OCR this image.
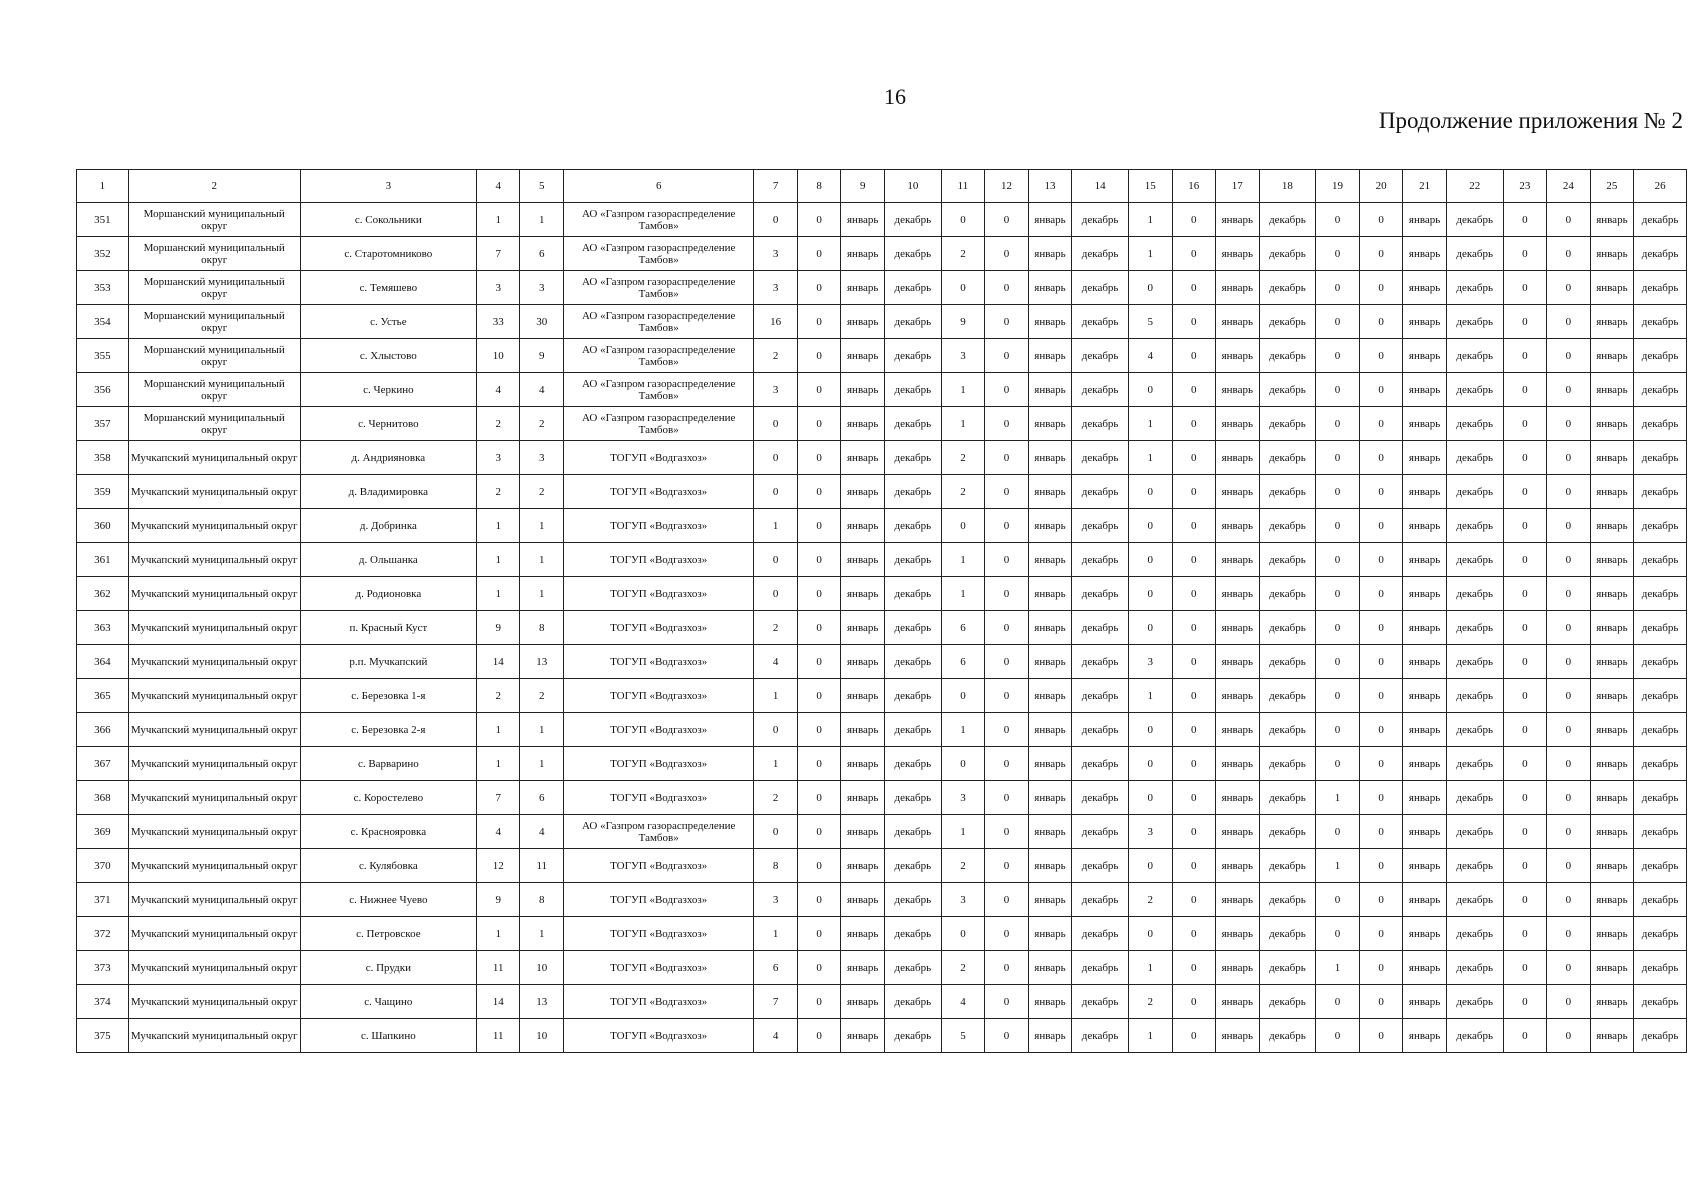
16
Продолжение приложения № 2
1	2	3	4	5	6	7	8	9	10	11	12	13	14	15	16	17	18	19	20	21	22	23	24	25	26
351	Моршанский муниципальный округ	с. Сокольники	1	1	АО «Газпром газораспределение Тамбов»	0	0	январь	декабрь	0	0	январь	декабрь	1	0	январь	декабрь	0	0	январь	декабрь	0	0	январь	декабрь
352	Моршанский муниципальный округ	с. Старотомниково	7	6	АО «Газпром газораспределение Тамбов»	3	0	январь	декабрь	2	0	январь	декабрь	1	0	январь	декабрь	0	0	январь	декабрь	0	0	январь	декабрь
353	Моршанский муниципальный округ	с. Темяшево	3	3	АО «Газпром газораспределение Тамбов»	3	0	январь	декабрь	0	0	январь	декабрь	0	0	январь	декабрь	0	0	январь	декабрь	0	0	январь	декабрь
354	Моршанский муниципальный округ	с. Устье	33	30	АО «Газпром газораспределение Тамбов»	16	0	январь	декабрь	9	0	январь	декабрь	5	0	январь	декабрь	0	0	январь	декабрь	0	0	январь	декабрь
355	Моршанский муниципальный округ	с. Хлыстово	10	9	АО «Газпром газораспределение Тамбов»	2	0	январь	декабрь	3	0	январь	декабрь	4	0	январь	декабрь	0	0	январь	декабрь	0	0	январь	декабрь
356	Моршанский муниципальный округ	с. Черкино	4	4	АО «Газпром газораспределение Тамбов»	3	0	январь	декабрь	1	0	январь	декабрь	0	0	январь	декабрь	0	0	январь	декабрь	0	0	январь	декабрь
357	Моршанский муниципальный округ	с. Чернитово	2	2	АО «Газпром газораспределение Тамбов»	0	0	январь	декабрь	1	0	январь	декабрь	1	0	январь	декабрь	0	0	январь	декабрь	0	0	январь	декабрь
358	Мучкапский муниципальный округ	д. Андрияновка	3	3	ТОГУП «Водгазхоз»	0	0	январь	декабрь	2	0	январь	декабрь	1	0	январь	декабрь	0	0	январь	декабрь	0	0	январь	декабрь
359	Мучкапский муниципальный округ	д. Владимировка	2	2	ТОГУП «Водгазхоз»	0	0	январь	декабрь	2	0	январь	декабрь	0	0	январь	декабрь	0	0	январь	декабрь	0	0	январь	декабрь
360	Мучкапский муниципальный округ	д. Добринка	1	1	ТОГУП «Водгазхоз»	1	0	январь	декабрь	0	0	январь	декабрь	0	0	январь	декабрь	0	0	январь	декабрь	0	0	январь	декабрь
361	Мучкапский муниципальный округ	д. Ольшанка	1	1	ТОГУП «Водгазхоз»	0	0	январь	декабрь	1	0	январь	декабрь	0	0	январь	декабрь	0	0	январь	декабрь	0	0	январь	декабрь
362	Мучкапский муниципальный округ	д. Родионовка	1	1	ТОГУП «Водгазхоз»	0	0	январь	декабрь	1	0	январь	декабрь	0	0	январь	декабрь	0	0	январь	декабрь	0	0	январь	декабрь
363	Мучкапский муниципальный округ	п. Красный Куст	9	8	ТОГУП «Водгазхоз»	2	0	январь	декабрь	6	0	январь	декабрь	0	0	январь	декабрь	0	0	январь	декабрь	0	0	январь	декабрь
364	Мучкапский муниципальный округ	р.п. Мучкапский	14	13	ТОГУП «Водгазхоз»	4	0	январь	декабрь	6	0	январь	декабрь	3	0	январь	декабрь	0	0	январь	декабрь	0	0	январь	декабрь
365	Мучкапский муниципальный округ	с. Березовка 1-я	2	2	ТОГУП «Водгазхоз»	1	0	январь	декабрь	0	0	январь	декабрь	1	0	январь	декабрь	0	0	январь	декабрь	0	0	январь	декабрь
366	Мучкапский муниципальный округ	с. Березовка 2-я	1	1	ТОГУП «Водгазхоз»	0	0	январь	декабрь	1	0	январь	декабрь	0	0	январь	декабрь	0	0	январь	декабрь	0	0	январь	декабрь
367	Мучкапский муниципальный округ	с. Варварино	1	1	ТОГУП «Водгазхоз»	1	0	январь	декабрь	0	0	январь	декабрь	0	0	январь	декабрь	0	0	январь	декабрь	0	0	январь	декабрь
368	Мучкапский муниципальный округ	с. Коростелево	7	6	ТОГУП «Водгазхоз»	2	0	январь	декабрь	3	0	январь	декабрь	0	0	январь	декабрь	1	0	январь	декабрь	0	0	январь	декабрь
369	Мучкапский муниципальный округ	с. Краснояровка	4	4	АО «Газпром газораспределение Тамбов»	0	0	январь	декабрь	1	0	январь	декабрь	3	0	январь	декабрь	0	0	январь	декабрь	0	0	январь	декабрь
370	Мучкапский муниципальный округ	с. Кулябовка	12	11	ТОГУП «Водгазхоз»	8	0	январь	декабрь	2	0	январь	декабрь	0	0	январь	декабрь	1	0	январь	декабрь	0	0	январь	декабрь
371	Мучкапский муниципальный округ	с. Нижнее Чуево	9	8	ТОГУП «Водгазхоз»	3	0	январь	декабрь	3	0	январь	декабрь	2	0	январь	декабрь	0	0	январь	декабрь	0	0	январь	декабрь
372	Мучкапский муниципальный округ	с. Петровское	1	1	ТОГУП «Водгазхоз»	1	0	январь	декабрь	0	0	январь	декабрь	0	0	январь	декабрь	0	0	январь	декабрь	0	0	январь	декабрь
373	Мучкапский муниципальный округ	с. Прудки	11	10	ТОГУП «Водгазхоз»	6	0	январь	декабрь	2	0	январь	декабрь	1	0	январь	декабрь	1	0	январь	декабрь	0	0	январь	декабрь
374	Мучкапский муниципальный округ	с. Чащино	14	13	ТОГУП «Водгазхоз»	7	0	январь	декабрь	4	0	январь	декабрь	2	0	январь	декабрь	0	0	январь	декабрь	0	0	январь	декабрь
375	Мучкапский муниципальный округ	с. Шапкино	11	10	ТОГУП «Водгазхоз»	4	0	январь	декабрь	5	0	январь	декабрь	1	0	январь	декабрь	0	0	январь	декабрь	0	0	январь	декабрь
